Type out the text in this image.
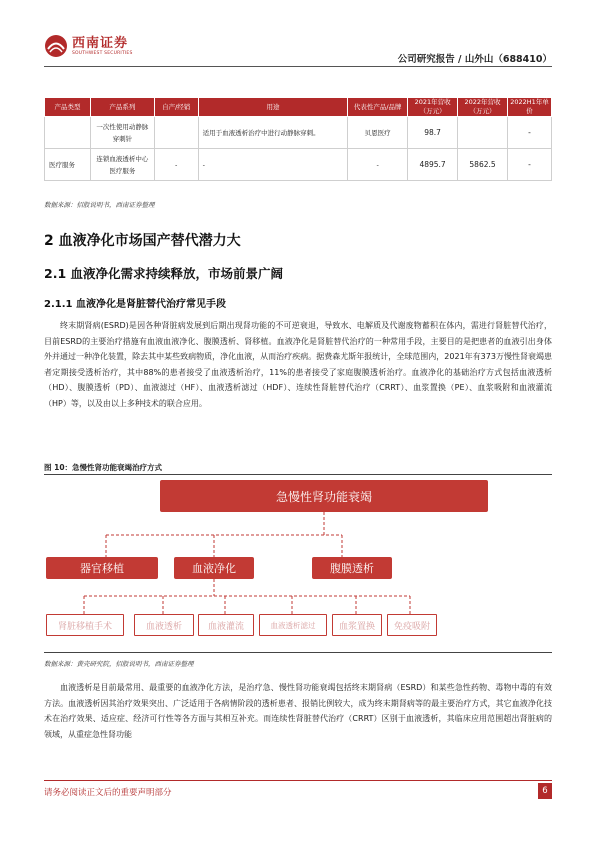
西南证券
SOUTHWEST SECURITIES
公司研究报告 / 山外山（688410）
产品类型	产品系列	自产/经销	用途	代表性产品/品牌	2021年营收（万元）	2022年营收（万元）	2022H1年单价
	一次性使用动静脉穿刺针		适用于血液透析治疗中进行动静脉穿刺。	贝恩医疗	98.7		-
医疗服务	连锁血液透析中心医疗服务	-	-	-	4895.7	5862.5	-
数据来源：招股说明书，西南证券整理
2 血液净化市场国产替代潜力大
2.1 血液净化需求持续释放，市场前景广阔
2.1.1 血液净化是肾脏替代治疗常见手段
终末期肾病(ESRD)是因各种肾脏病发展到后期出现肾功能的不可逆衰退，导致水、电解质及代谢废物蓄积在体内，需进行肾脏替代治疗，目前ESRD的主要治疗措施有血液血液净化、腹膜透析、肾移植。血液净化是肾脏替代治疗的一种常用手段，主要目的是把患者的血液引出身体外并通过一种净化装置，除去其中某些致病物质，净化血液，从而治疗疾病。据费森尤斯年报统计，全球范围内，2021年有373万慢性肾衰竭患者定期接受透析治疗，其中88%的患者接受了血液透析治疗，11%的患者接受了家庭腹膜透析治疗。血液净化的基础治疗方式包括血液透析（HD）、腹膜透析（PD）、血液滤过（HF）、血液透析滤过（HDF）、连续性肾脏替代治疗（CRRT）、血浆置换（PE）、血浆吸附和血液灌流（HP）等，以及由以上多种技术的联合应用。
图 10：急慢性肾功能衰竭治疗方式
急慢性肾功能衰竭
器官移植	血液净化	腹膜透析
肾脏移植手术	血液透析	血液灌流	血液透析滤过	血浆置换	免疫吸附
数据来源：黄壳研究院，招股说明书，西南证券整理
血液透析是目前最常用、最重要的血液净化方法，是治疗急、慢性肾功能衰竭包括终末期肾病（ESRD）和某些急性药物、毒物中毒的有效方法。血液透析因其治疗效果突出、广泛适用于各病情阶段的透析患者、报销比例较大，成为终末期肾病等的最主要治疗方式，其它血液净化技术在治疗效果、适应症、经济可行性等各方面与其相互补充。而连续性肾脏替代治疗（CRRT）区别于血液透析，其临床应用范围超出肾脏病的领域，从重症急性肾功能
请务必阅读正文后的重要声明部分	6
